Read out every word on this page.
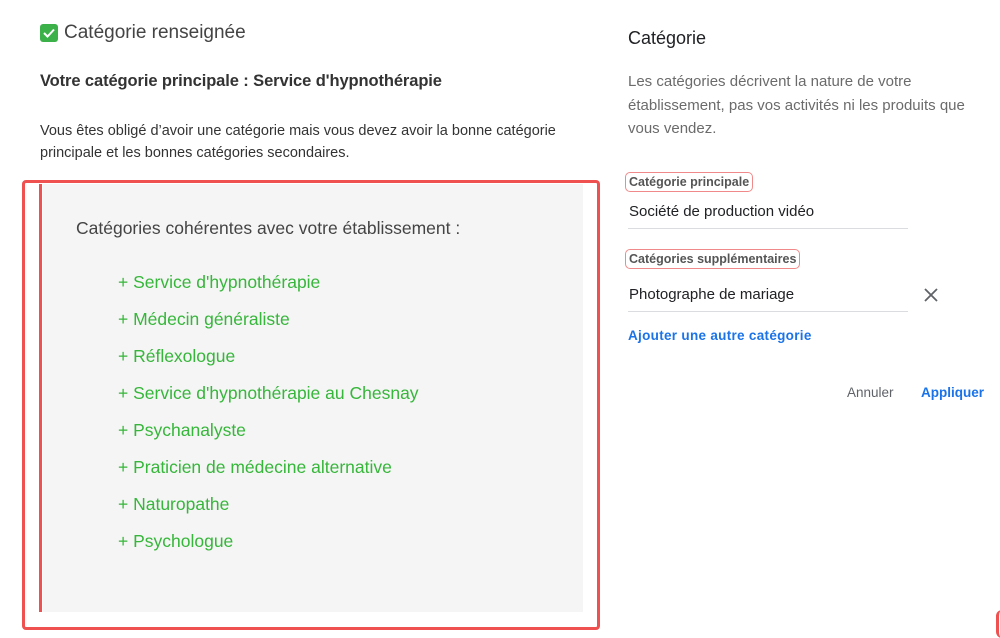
Catégorie renseignée
Votre catégorie principale : Service d'hypnothérapie
Vous êtes obligé d’avoir une catégorie mais vous devez avoir la bonne catégorie principale et les bonnes catégories secondaires.
Catégories cohérentes avec votre établissement :
+ Service d'hypnothérapie
+ Médecin généraliste
+ Réflexologue
+ Service d'hypnothérapie au Chesnay
+ Psychanalyste
+ Praticien de médecine alternative
+ Naturopathe
+ Psychologue
Catégorie
Les catégories décrivent la nature de votre établissement, pas vos activités ni les produits que vous vendez.
Catégorie principale
Société de production vidéo
Catégories supplémentaires
Photographe de mariage
Ajouter une autre catégorie
Annuler Appliquer
